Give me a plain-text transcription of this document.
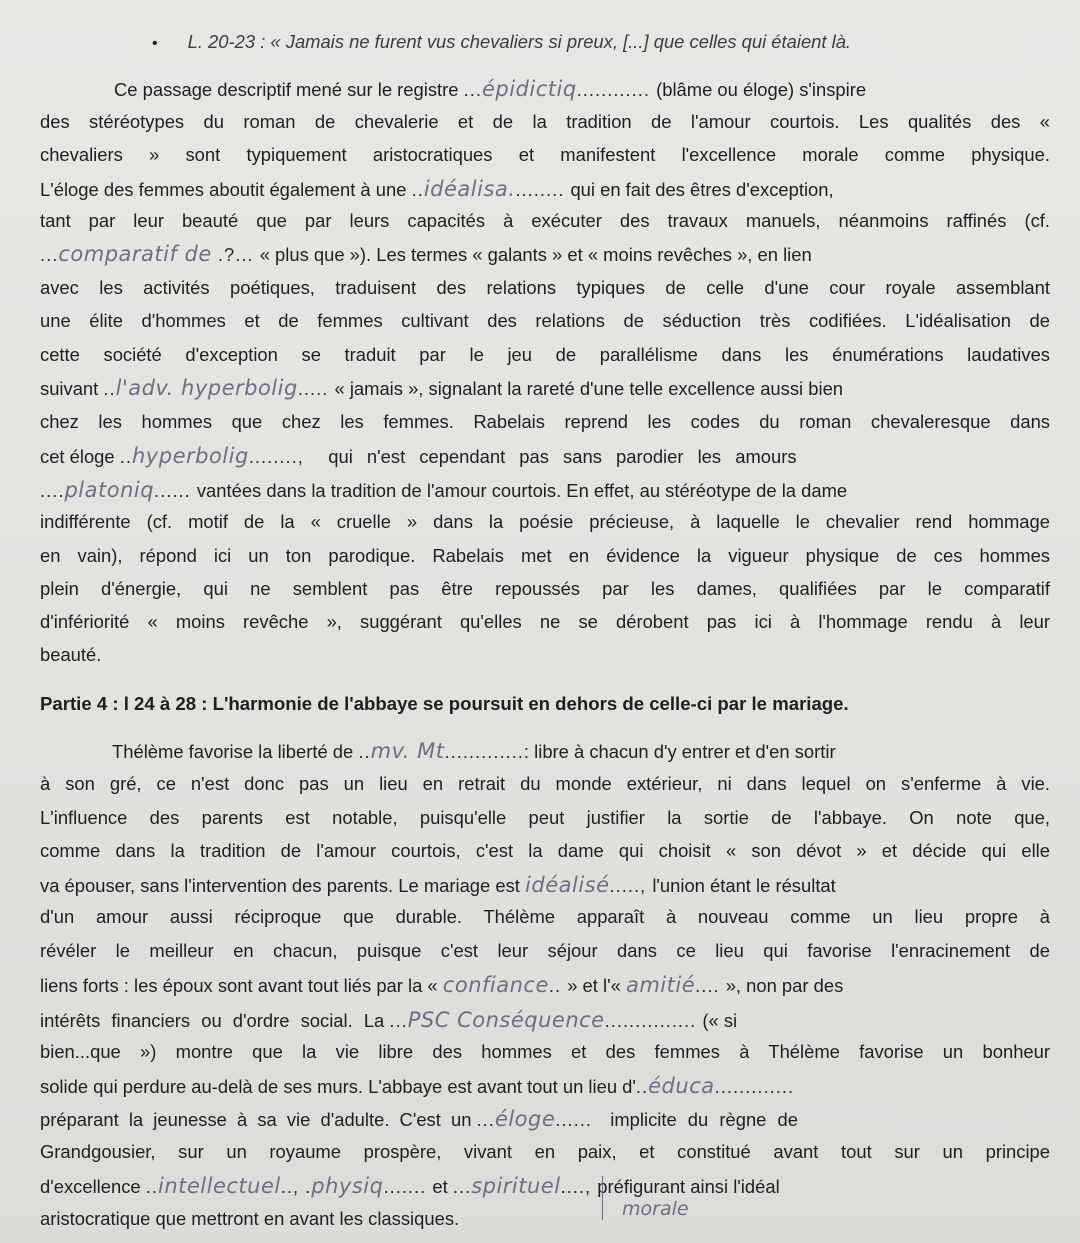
• L. 20-23 : « Jamais ne furent vus chevaliers si preux, [...] que celles qui étaient là.
Ce passage descriptif mené sur le registre ...épidictiq............ (blâme ou éloge) s'inspire
des stéréotypes du roman de chevalerie et de la tradition de l'amour courtois. Les qualités des «
chevaliers » sont typiquement aristocratiques et manifestent l'excellence morale comme physique.
L'éloge des femmes aboutit également à une ..idéalisa......... qui en fait des êtres d'exception,
tant par leur beauté que par leurs capacités à exécuter des travaux manuels, néanmoins raffinés (cf.
...comparatif de .?... « plus que »). Les termes « galants » et « moins revêches », en lien
avec les activités poétiques, traduisent des relations typiques de celle d'une cour royale assemblant
une élite d'hommes et de femmes cultivant des relations de séduction très codifiées. L'idéalisation de
cette société d'exception se traduit par le jeu de parallélisme dans les énumérations laudatives
suivant ..l'adv. hyperbolig..... « jamais », signalant la rareté d'une telle excellence aussi bien
chez les hommes que chez les femmes. Rabelais reprend les codes du roman chevaleresque dans
cet éloge ..hyperbolig........,    qui n'est cependant pas sans parodier les amours
....platoniq...... vantées dans la tradition de l'amour courtois. En effet, au stéréotype de la dame
indifférente (cf. motif de la « cruelle » dans la poésie précieuse, à laquelle le chevalier rend hommage
en vain), répond ici un ton parodique. Rabelais met en évidence la vigueur physique de ces hommes
plein d'énergie, qui ne semblent pas être repoussés par les dames, qualifiées par le comparatif
d'infériorité « moins revêche », suggérant qu'elles ne se dérobent pas ici à l'hommage rendu à leur
beauté.
Partie 4 : l 24 à 28 : L'harmonie de l'abbaye se poursuit en dehors de celle-ci par le mariage.
Thélème favorise la liberté de ..mv. Mt.............: libre à chacun d'y entrer et d'en sortir
à son gré, ce n'est donc pas un lieu en retrait du monde extérieur, ni dans lequel on s'enferme à vie.
L'influence des parents est notable, puisqu'elle peut justifier la sortie de l'abbaye. On note que,
comme dans la tradition de l'amour courtois, c'est la dame qui choisit « son dévot » et décide qui elle
va épouser, sans l'intervention des parents. Le mariage est idéalisé....., l'union étant le résultat
d'un amour aussi réciproque que durable. Thélème apparaît à nouveau comme un lieu propre à
révéler le meilleur en chacun, puisque c'est leur séjour dans ce lieu qui favorise l'enracinement de
liens forts : les époux sont avant tout liés par la « confiance.. » et l'« amitié.... », non par des
intérêts financiers ou d'ordre social. La ...PSC Conséquence............... (« si
bien...que ») montre que la vie libre des hommes et des femmes à Thélème favorise un bonheur
solide qui perdure au-delà de ses murs. L'abbaye est avant tout un lieu d'..éduca.............
préparant la jeunesse à sa vie d'adulte. C'est un ...éloge......   implicite du règne de
Grandgousier, sur un royaume prospère, vivant en paix, et constitué avant tout sur un principe
d'excellence ..intellectuel.., .physiq....... et ...spirituel...., préfigurant ainsi l'idéal
morale
aristocratique que mettront en avant les classiques.
